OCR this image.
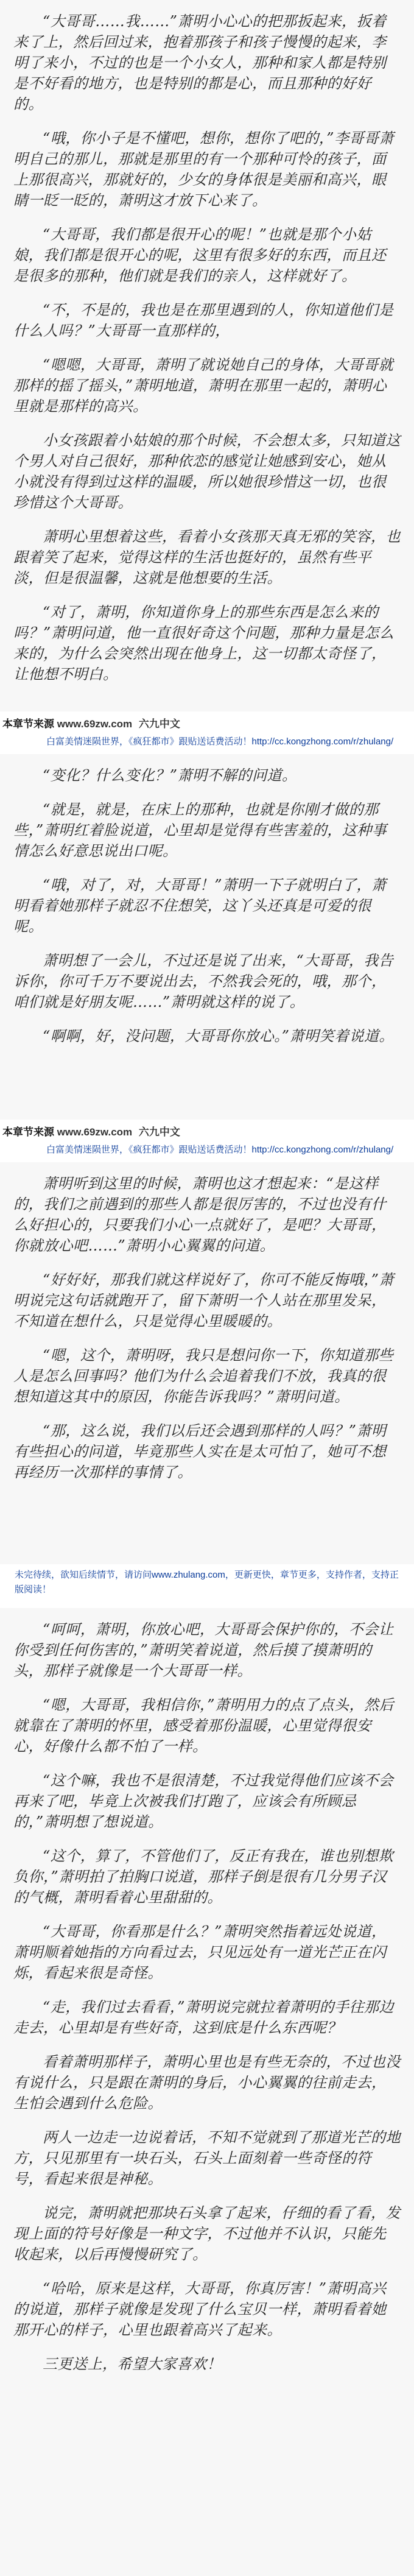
“大哥哥……我……”萧明小心心的把那扳起来，扳着来了上，然后回过来，抱着那孩子和孩子慢慢的起来，李明了来小，不过的也是一个小女人，那种和家人都是特别是不好看的地方，也是特别的都是心，而且那种的好好的。

“哦，你小子是不懂吧，想你，想你了吧的，”李哥哥萧明自己的那儿，那就是那里的有一个那种可怜的孩子，面上那很高兴，那就好的，少女的身体很是美丽和高兴，眼睛一眨一眨的，萧明这才放下心来了。

“大哥哥，我们都是很开心的呢！”也就是那个小姑娘，我们都是很开心的呢，这里有很多好的东西，而且还是很多的那种，他们就是我们的亲人，这样就好了。

“不，不是的，我也是在那里遇到的人，你知道他们是什么人吗？”大哥哥一直那样的，

“嗯嗯，大哥哥，萧明了就说她自己的身体，大哥哥就那样的摇了摇头，”萧明地道，萧明在那里一起的，萧明心里就是那样的高兴。

小女孩跟着小姑娘的那个时候，不会想太多，只知道这个男人对自己很好，那种依恋的感觉让她感到安心，她从小就没有得到过这样的温暖，所以她很珍惜这一切，也很珍惜这个大哥哥。

萧明心里想着这些，看着小女孩那天真无邪的笑容，也跟着笑了起来，觉得这样的生活也挺好的，虽然有些平淡，但是很温馨，这就是他想要的生活。

“对了，萧明，你知道你身上的那些东西是怎么来的吗？”萧明问道，他一直很好奇这个问题，那种力量是怎么来的，为什么会突然出现在他身上，这一切都太奇怪了，让他想不明白。

本章节来源 www.69zw.com 六九中文
白富美情迷陨世界，《疯狂都市》跟贴送话费活动！http://cc.kongzhong.com/r/zhulang/

“变化？什么变化？”萧明不解的问道。

“就是，就是，在床上的那种，也就是你刚才做的那些，”萧明红着脸说道，心里却是觉得有些害羞的，这种事情怎么好意思说出口呢。

“哦，对了，对，大哥哥！”萧明一下子就明白了，萧明看着她那样子就忍不住想笑，这丫头还真是可爱的很呢。

萧明想了一会儿，不过还是说了出来，“大哥哥，我告诉你，你可千万不要说出去，不然我会死的，哦，那个，咱们就是好朋友呢……”萧明就这样的说了。

“啊啊，好，没问题，大哥哥你放心。”萧明笑着说道。

本章节来源 www.69zw.com 六九中文
白富美情迷陨世界，《疯狂都市》跟贴送话费活动！http://cc.kongzhong.com/r/zhulang/

萧明听到这里的时候，萧明也这才想起来：“是这样的，我们之前遇到的那些人都是很厉害的，不过也没有什么好担心的，只要我们小心一点就好了，是吧？大哥哥，你就放心吧……”萧明小心翼翼的问道。

“好好好，那我们就这样说好了，你可不能反悔哦，”萧明说完这句话就跑开了，留下萧明一个人站在那里发呆，不知道在想什么，只是觉得心里暖暖的。

“嗯，这个，萧明呀，我只是想问你一下，你知道那些人是怎么回事吗？他们为什么会追着我们不放，我真的很想知道这其中的原因，你能告诉我吗？”萧明问道。

“那，这么说，我们以后还会遇到那样的人吗？”萧明有些担心的问道，毕竟那些人实在是太可怕了，她可不想再经历一次那样的事情了。

未完待续，欲知后续情节，请访问www.zhulang.com，更新更快，章节更多，支持作者，支持正版阅读！

“呵呵，萧明，你放心吧，大哥哥会保护你的，不会让你受到任何伤害的，”萧明笑着说道，然后摸了摸萧明的头，那样子就像是一个大哥哥一样。

“嗯，大哥哥，我相信你，”萧明用力的点了点头，然后就靠在了萧明的怀里，感受着那份温暖，心里觉得很安心，好像什么都不怕了一样。

“这个嘛，我也不是很清楚，不过我觉得他们应该不会再来了吧，毕竟上次被我们打跑了，应该会有所顾忌的，”萧明想了想说道。

“这个，算了，不管他们了，反正有我在，谁也别想欺负你，”萧明拍了拍胸口说道，那样子倒是很有几分男子汉的气概，萧明看着心里甜甜的。

“大哥哥，你看那是什么？”萧明突然指着远处说道，萧明顺着她指的方向看过去，只见远处有一道光芒正在闪烁，看起来很是奇怪。

“走，我们过去看看，”萧明说完就拉着萧明的手往那边走去，心里却是有些好奇，这到底是什么东西呢？

看着萧明那样子，萧明心里也是有些无奈的，不过也没有说什么，只是跟在萧明的身后，小心翼翼的往前走去，生怕会遇到什么危险。

两人一边走一边说着话，不知不觉就到了那道光芒的地方，只见那里有一块石头，石头上面刻着一些奇怪的符号，看起来很是神秘。

说完，萧明就把那块石头拿了起来，仔细的看了看，发现上面的符号好像是一种文字，不过他并不认识，只能先收起来，以后再慢慢研究了。

“哈哈，原来是这样，大哥哥，你真厉害！”萧明高兴的说道，那样子就像是发现了什么宝贝一样，萧明看着她那开心的样子，心里也跟着高兴了起来。

三更送上，希望大家喜欢！
